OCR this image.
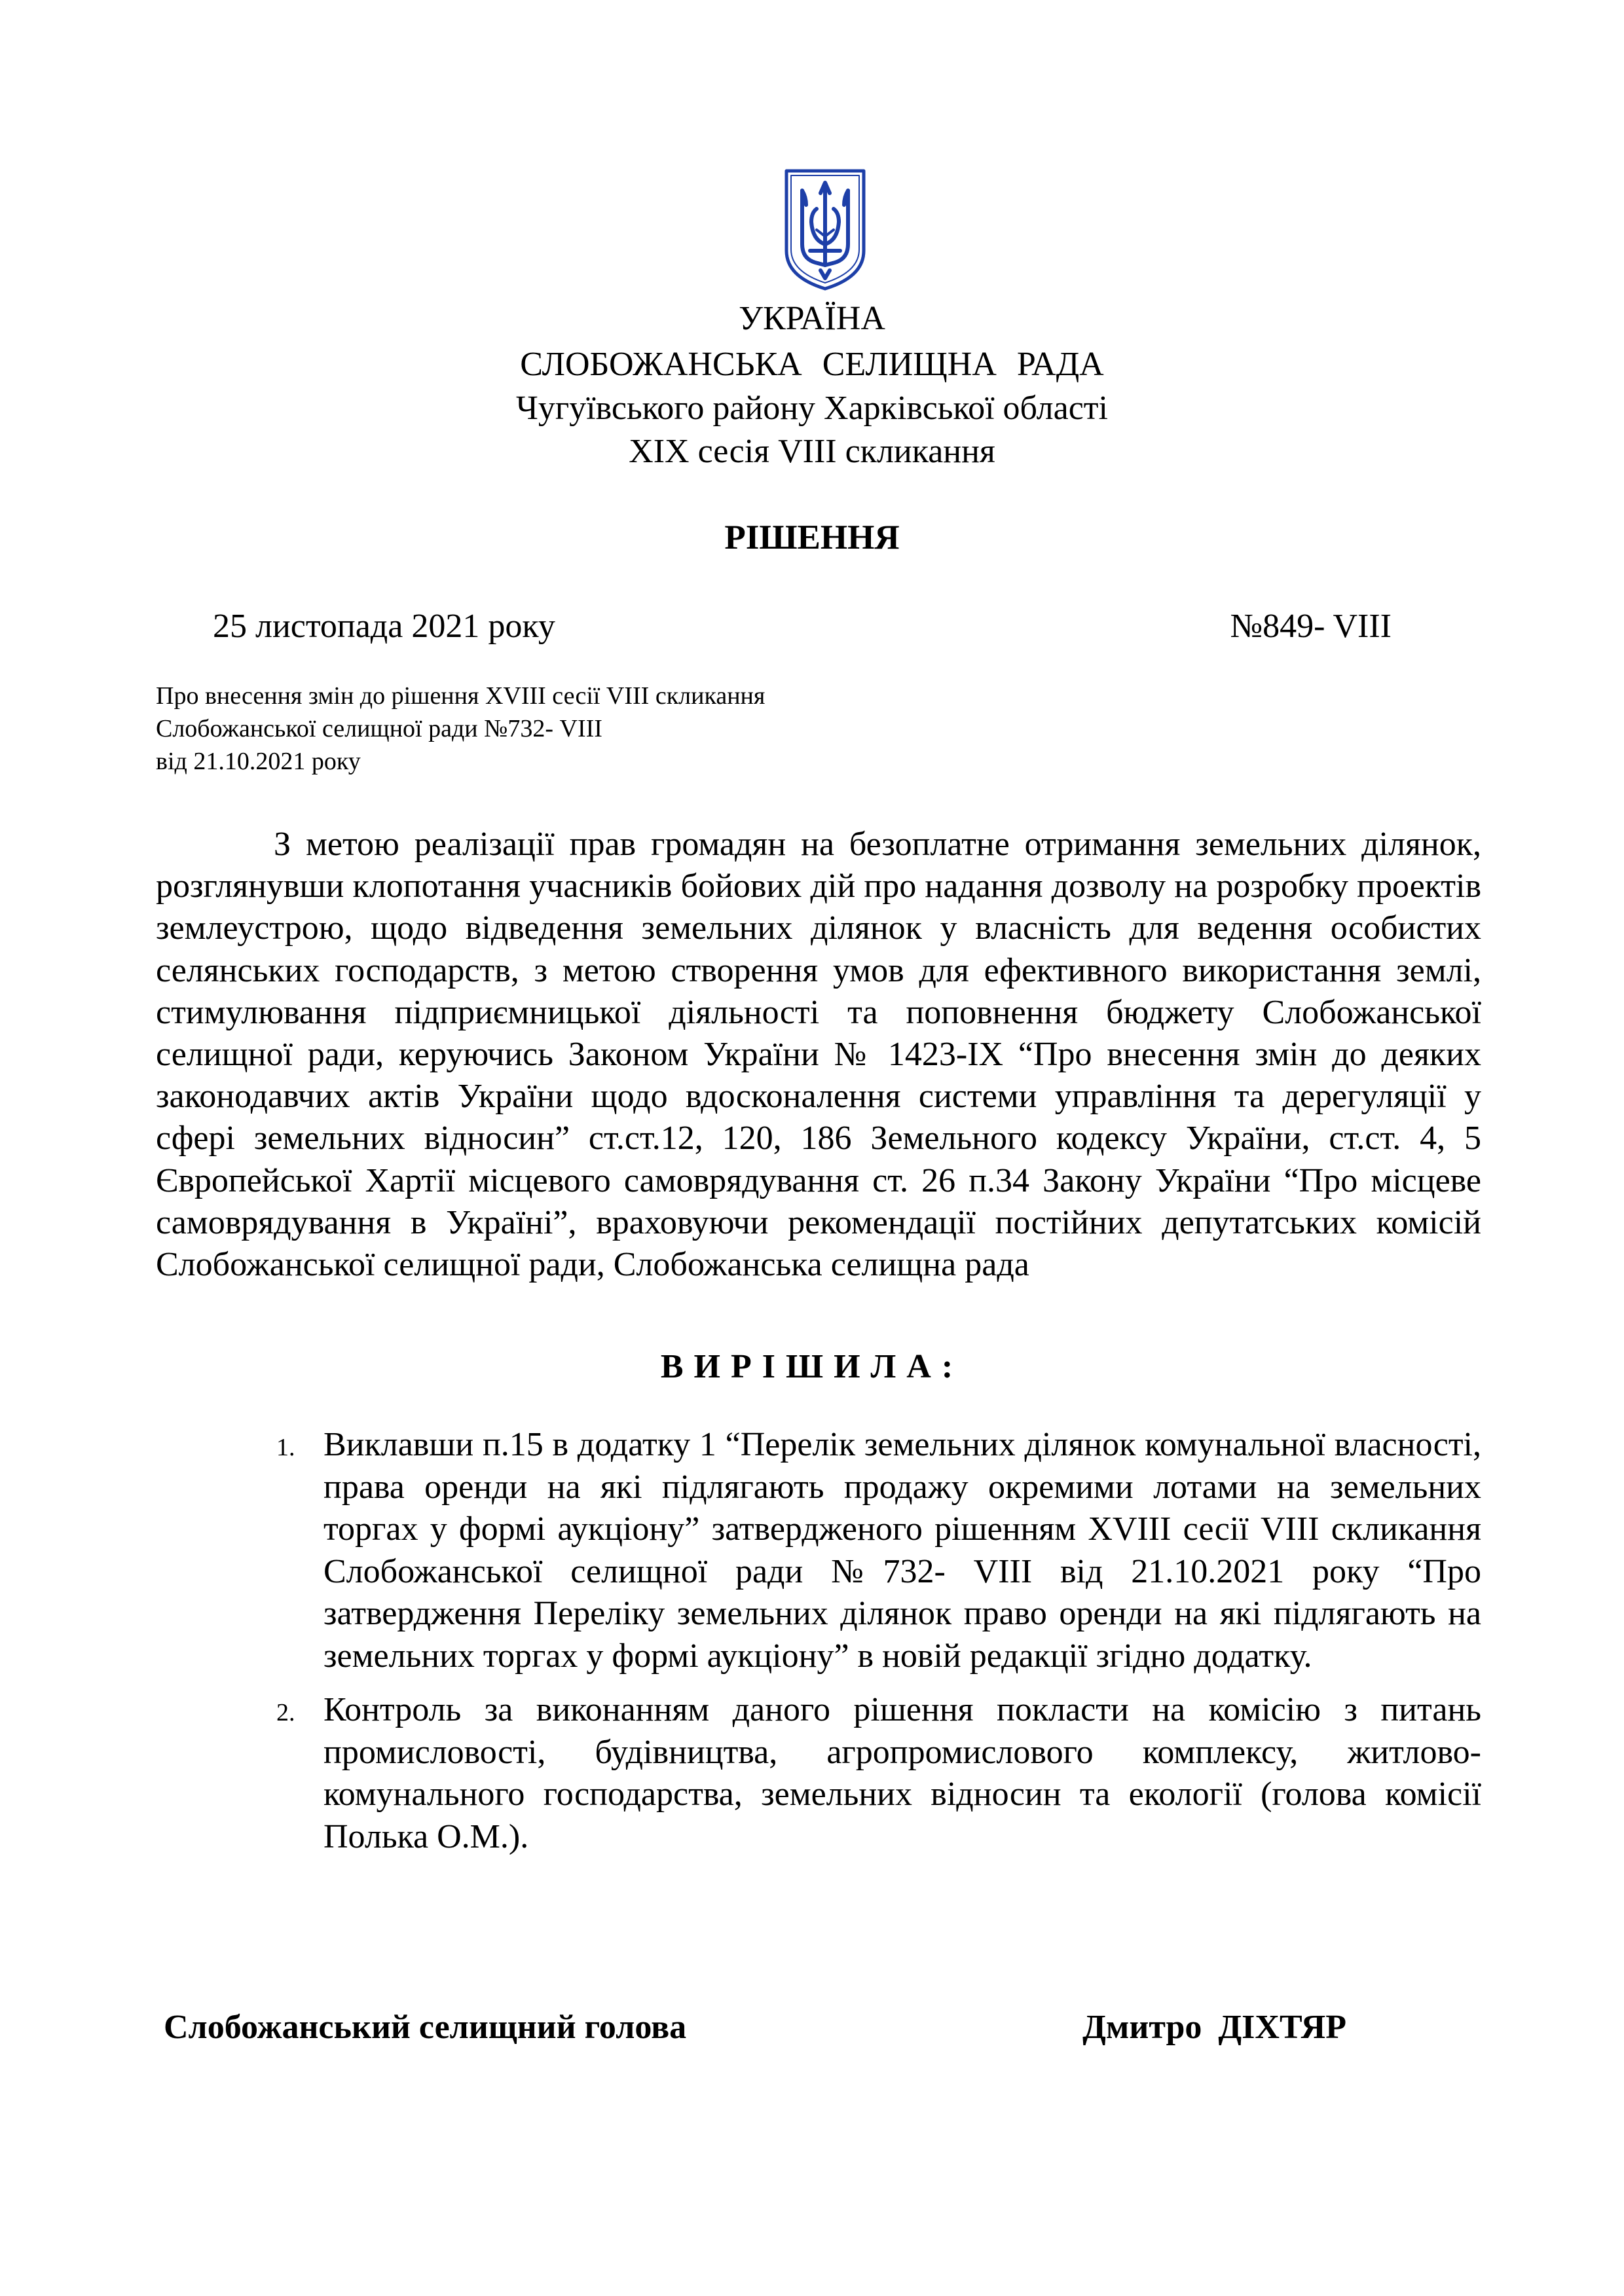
УКРАЇНА
СЛОБОЖАНСЬКА СЕЛИЩНА РАДА
Чугуївського району Харківської області
XIX сесія VIII скликання
РІШЕННЯ
25 листопада 2021 року	№849- VIII
Про внесення змін до рішення XVIII сесії VIII скликання
Слобожанської селищної ради №732- VIII
від 21.10.2021 року

З метою реалізації прав громадян на безоплатне отримання земельних ділянок, розглянувши клопотання учасників бойових дій про надання дозволу на розробку проектів землеустрою, щодо відведення земельних ділянок у власність для ведення особистих селянських господарств, з метою створення умов для ефективного використання землі, стимулювання підприємницької діяльності та поповнення бюджету Слобожанської селищної ради, керуючись Законом України № 1423-IX “Про внесення змін до деяких законодавчих актів України щодо вдосконалення системи управління та дерегуляції у сфері земельних відносин” ст.ст.12, 120, 186 Земельного кодексу України, ст.ст. 4, 5 Європейської Хартії місцевого самоврядування ст. 26 п.34 Закону України “Про місцеве самоврядування в Україні”, враховуючи рекомендації постійних депутатських комісій Слобожанської селищної ради, Слобожанська селищна рада

ВИРІШИЛА:
1. Виклавши п.15 в додатку 1 “Перелік земельних ділянок комунальної власності, права оренди на які підлягають продажу окремими лотами на земельних торгах у формі аукціону” затвердженого рішенням XVIII сесії VIII скликання Слобожанської селищної ради №732- VIII від 21.10.2021 року “Про затвердження Переліку земельних ділянок право оренди на які підлягають на земельних торгах у формі аукціону” в новій редакції згідно додатку.
2. Контроль за виконанням даного рішення покласти на комісію з питань промисловості, будівництва, агропромислового комплексу, житлово-комунального господарства, земельних відносин та екології (голова комісії Полька О.М.).
Слобожанський селищний голова	Дмитро ДІХТЯР
